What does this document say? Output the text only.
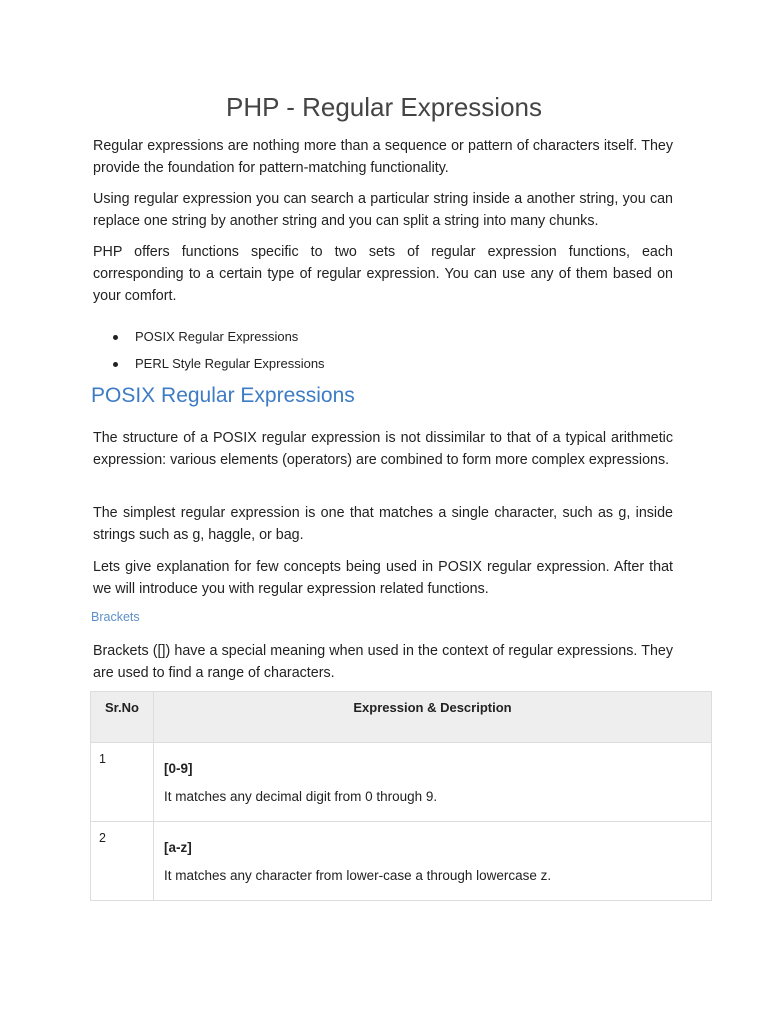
PHP - Regular Expressions

Regular expressions are nothing more than a sequence or pattern of characters itself. They provide the foundation for pattern-matching functionality.

Using regular expression you can search a particular string inside a another string, you can replace one string by another string and you can split a string into many chunks.

PHP offers functions specific to two sets of regular expression functions, each corresponding to a certain type of regular expression. You can use any of them based on your comfort.

POSIX Regular Expressions
PERL Style Regular Expressions
POSIX Regular Expressions

The structure of a POSIX regular expression is not dissimilar to that of a typical arithmetic expression: various elements (operators) are combined to form more complex expressions.

The simplest regular expression is one that matches a single character, such as g, inside strings such as g, haggle, or bag.

Lets give explanation for few concepts being used in POSIX regular expression. After that we will introduce you with regular expression related functions.

Brackets

Brackets ([]) have a special meaning when used in the context of regular expressions. They are used to find a range of characters.

Sr.No	Expression & Description
1	[0-9]
It matches any decimal digit from 0 through 9.

2	[a-z]
It matches any character from lower-case a through lowercase z.
